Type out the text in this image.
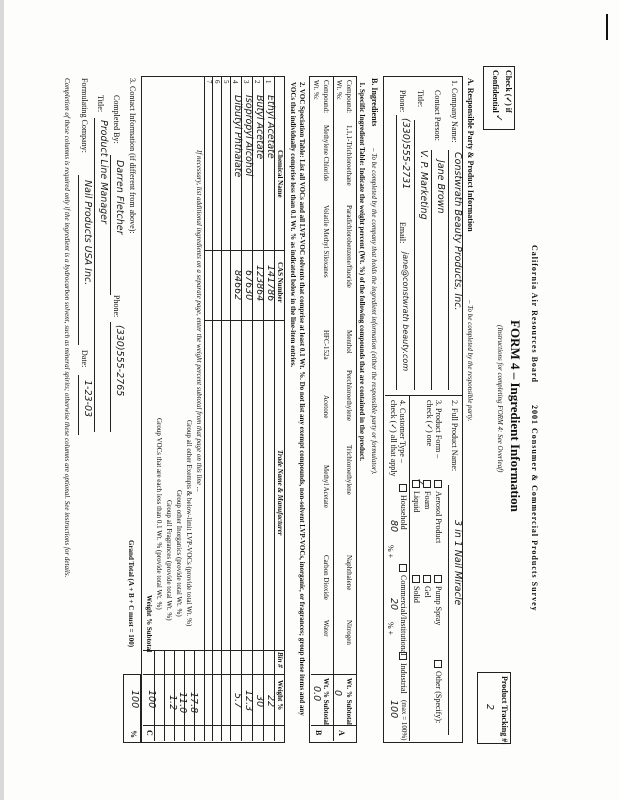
California Air Resources Board
2001 Consumer & Commercial Products Survey
FORM 4 – Ingredient Information
(Instructions for completing FORM 4: See Overleaf)
Check (✓) if
Confidential
✓
Product Tracking #:
2
A. Responsible Party & Product Information
– To be completed by the responsible party.
1. Company Name:
Constwrath Beauty Products, Inc.
Contact Person:
Jane Brown
Title:
V. P. Marketing
Phone:
(330)555-2731
Email:
jane@constwrath beauty.com
2. Full Product Name:
3 in 1 Nail Miracle
3. Product Form – check (✓) one
Aerosol Product
Pump Spray
Other (Specify):
Foam
Gel
Liquid
✓
Solid
4. Customer Type – check (✓) all that apply
Household
80
% +
Commercial/Institutional
20
% +
Industrial
(max = 100%)
100
B. Ingredients
– To be completed by the company that holds the ingredient information (either the responsible party or formulator).
1. Specific Ingredient Table: Indicate the weight percent (Wt. %) of the following compounds that are contained in the product.
Compound:
Wt. %:
Compound:
Wt. %:
1,1,1-Trichloroethane
Paradichlorobenzene/fluoride
Menthol
Perchloroethylene
Trichloroethylene
Naphthalene
Nitrogen
Methylene Chloride
Volatile Methyl Siloxanes
HFC-152a
Acetone
Methyl Acetate
Carbon Dioxide
Water
Wt. % Subtotal
0
Wt. % Subtotal
0.0
A
B
2. VOC Speciation Table: List all VOCs and all LVP-VOC solvents that comprise at least 0.1 Wt. %. Do not list any exempt compounds, non-solvent LVP-VOCs, inorganic, or fragrances; group these items and any VOCs that individually comprise less than 0.1 Wt. % as indicated below in the line-item entries.
Chemical Name
CAS Number
Trade Name & Manufacturer
Bin #
Weight %
1
Ethyl Acetate
141786
22
2
Butyl Acetate
123864
30
3
Isopropyl Alcohol
67630
12.3
4
Dibutyl Phthalate
84662
5.7
5
6
7
If necessary, list additional ingredients on a separate page, enter the weight percent subtotal from that page on this line ...
Group all other Exempts & below-limit LVP-VOCs (provide total Wt. %)
17.8
Group other Inorganics (provide total Wt. %)
11.0
Group all Fragrances (provide total Wt. %)
1.2
Group VOCs that are each less than 0.1 Wt. % (provide total Wt. %)
Weight % Subtotal
100
C
Grand Total (A + B + C must = 100)
100
%
3. Contact Information (if different from above):
Completed By:
Darren Fletcher
Phone:
(330)555-2765
Title:
Product Line Manager
Formulating Company:
Nail Products USA Inc.
Date:
1-23-03
Completion of these columns is required only if the ingredient is a hydrocarbon solvent, such as mineral spirits; otherwise these columns are optional. See instructions for details.
